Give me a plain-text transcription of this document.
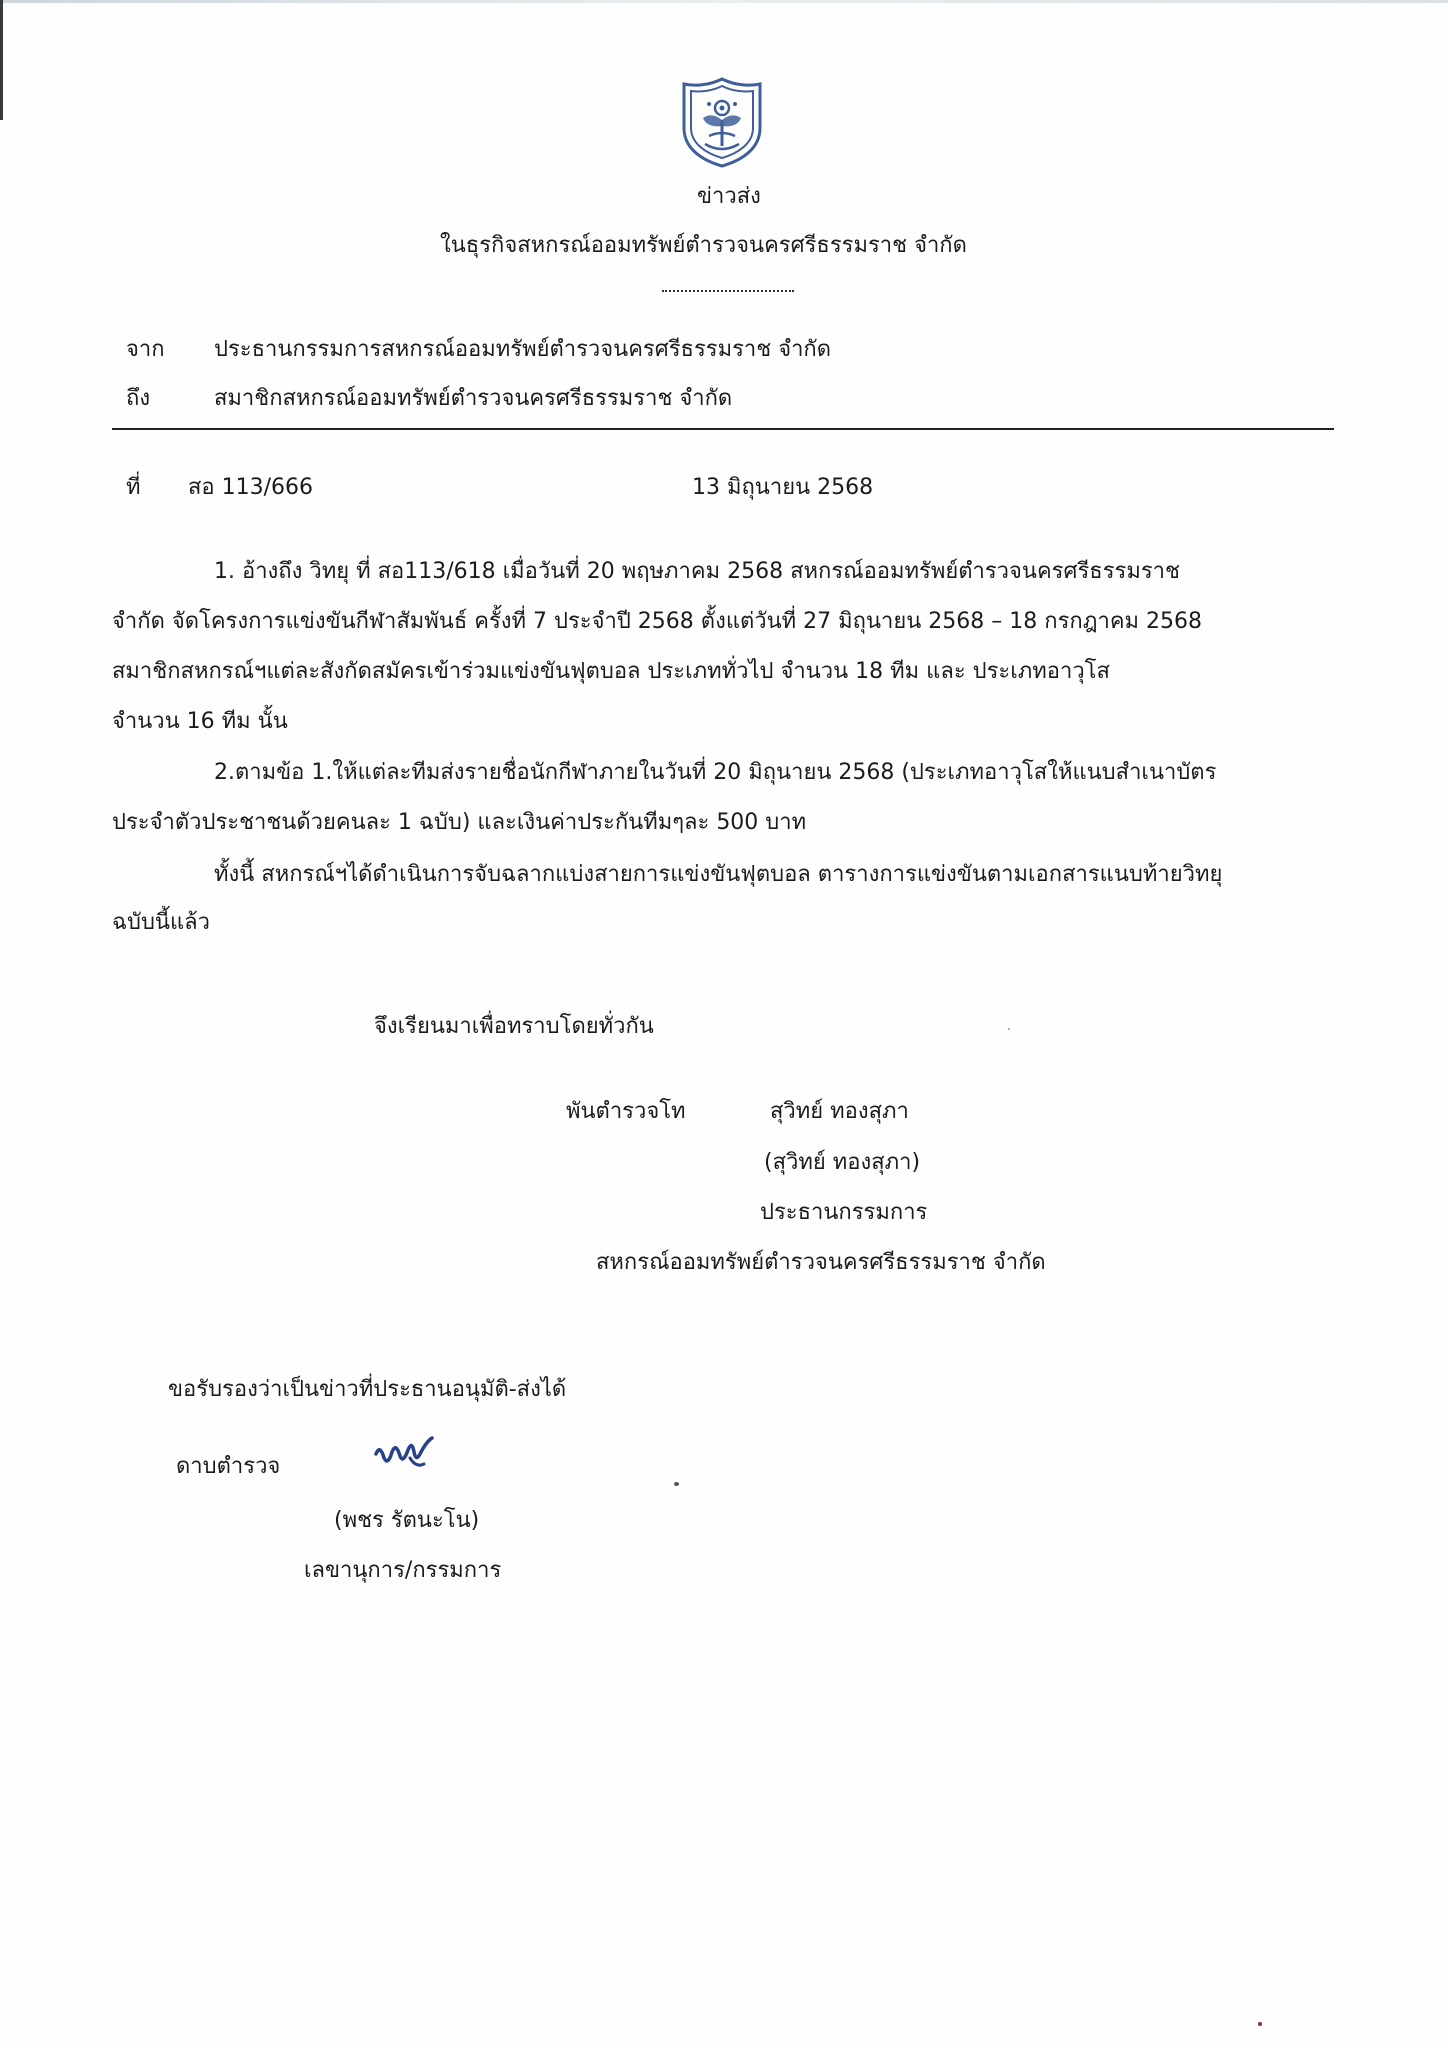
ข่าวส่ง
ในธุรกิจสหกรณ์ออมทรัพย์ตำรวจนครศรีธรรมราช จำกัด
จาก ประธานกรรมการสหกรณ์ออมทรัพย์ตำรวจนครศรีธรรมราช จำกัด
ถึง	สมาชิกสหกรณ์ออมทรัพย์ตำรวจนครศรีธรรมราช จำกัด
ที่ สอ 113/666	13 มิถุนายน 2568
1. อ้างถึง วิทยุ ที่ สอ113/618 เมื่อวันที่ 20 พฤษภาคม 2568 สหกรณ์ออมทรัพย์ตำรวจนครศรีธรรมราช
จำกัด จัดโครงการแข่งขันกีฬาสัมพันธ์ ครั้งที่ 7 ประจำปี 2568 ตั้งแต่วันที่ 27 มิถุนายน 2568 – 18 กรกฎาคม 2568
สมาชิกสหกรณ์ฯแต่ละสังกัดสมัครเข้าร่วมแข่งขันฟุตบอล ประเภททั่วไป จำนวน 18 ทีม และ ประเภทอาวุโส
จำนวน 16 ทีม นั้น
2.ตามข้อ 1.ให้แต่ละทีมส่งรายชื่อนักกีฬาภายในวันที่ 20 มิถุนายน 2568 (ประเภทอาวุโสให้แนบสำเนาบัตร
ประจำตัวประชาชนด้วยคนละ 1 ฉบับ) และเงินค่าประกันทีมๆละ 500 บาท
ทั้งนี้ สหกรณ์ฯได้ดำเนินการจับฉลากแบ่งสายการแข่งขันฟุตบอล ตารางการแข่งขันตามเอกสารแนบท้ายวิทยุ
ฉบับนี้แล้ว
จึงเรียนมาเพื่อทราบโดยทั่วกัน
พันตำรวจโท	สุวิทย์ ทองสุภา
(สุวิทย์ ทองสุภา)
ประธานกรรมการ
สหกรณ์ออมทรัพย์ตำรวจนครศรีธรรมราช จำกัด
ขอรับรองว่าเป็นข่าวที่ประธานอนุมัติ-ส่งได้
ดาบตำรวจ
(พชร รัตนะโน)
เลขานุการ/กรรมการ
